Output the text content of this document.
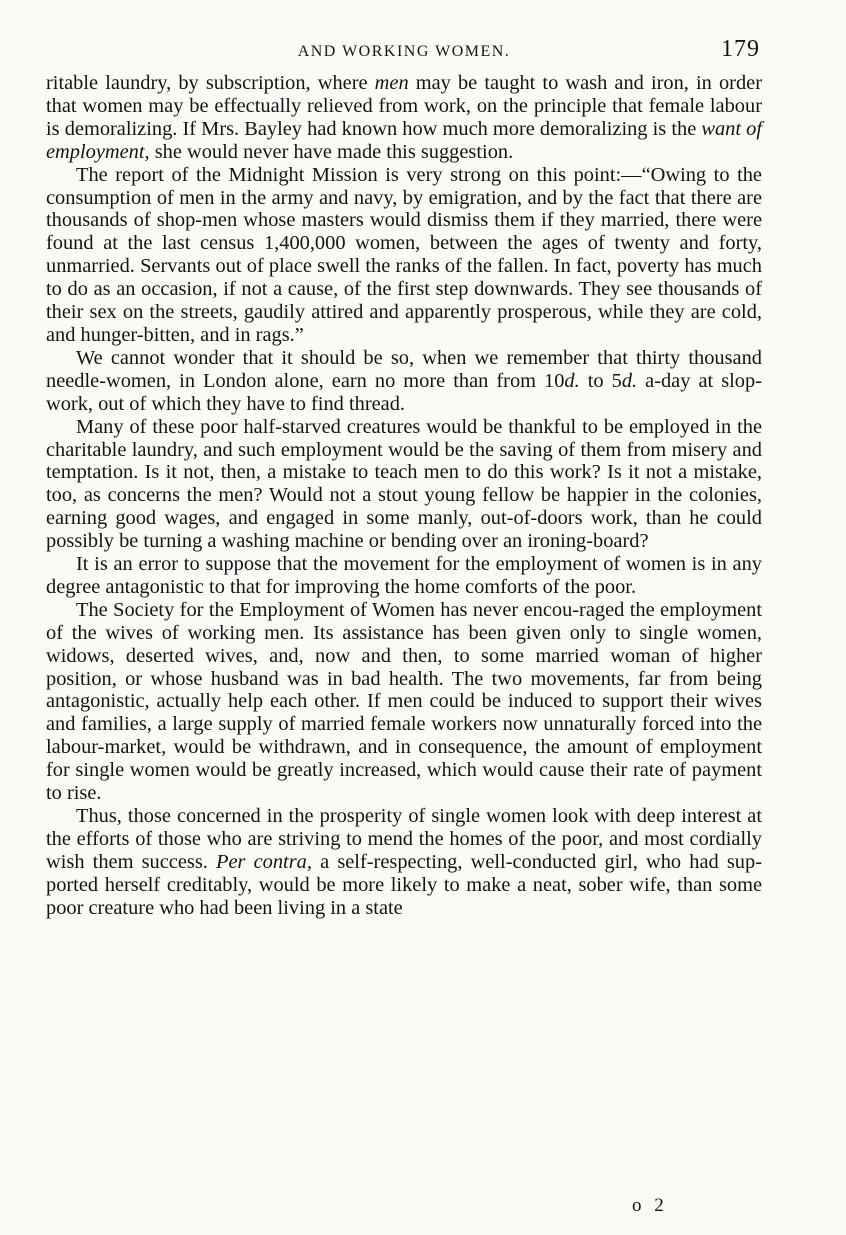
AND WORKING WOMEN.	179

ritable laundry, by subscription, where men may be taught to wash and iron, in order that women may be effectually relieved from work, on the principle that female labour is demoralizing. If Mrs. Bayley had known how much more demoralizing is the want of employment, she would never have made this suggestion.

The report of the Midnight Mission is very strong on this point:—“Owing to the consumption of men in the army and navy, by emigration, and by the fact that there are thousands of shop-men whose masters would dismiss them if they married, there were found at the last census 1,400,000 women, between the ages of twenty and forty, unmarried. Servants out of place swell the ranks of the fallen. In fact, poverty has much to do as an occasion, if not a cause, of the first step downwards. They see thousands of their sex on the streets, gaudily attired and apparently prosperous, while they are cold, and hunger-bitten, and in rags.”

We cannot wonder that it should be so, when we remember that thirty thousand needle-women, in London alone, earn no more than from 10d. to 5d. a-day at slop-work, out of which they have to find thread.

Many of these poor half-starved creatures would be thankful to be employed in the charitable laundry, and such employment would be the saving of them from misery and temptation. Is it not, then, a mistake to teach men to do this work? Is it not a mistake, too, as concerns the men? Would not a stout young fellow be happier in the colonies, earning good wages, and engaged in some manly, out-of-doors work, than he could possibly be turning a washing machine or bending over an ironing-board?

It is an error to suppose that the movement for the employment of women is in any degree antagonistic to that for improving the home comforts of the poor.

The Society for the Employment of Women has never encou-raged the employment of the wives of working men. Its assistance has been given only to single women, widows, deserted wives, and, now and then, to some married woman of higher position, or whose husband was in bad health. The two movements, far from being antagonistic, actually help each other. If men could be induced to support their wives and families, a large supply of married female workers now unnaturally forced into the labour-market, would be withdrawn, and in consequence, the amount of employment for single women would be greatly increased, which would cause their rate of payment to rise.

Thus, those concerned in the prosperity of single women look with deep interest at the efforts of those who are striving to mend the homes of the poor, and most cordially wish them success. Per contra, a self-respecting, well-conducted girl, who had sup-ported herself creditably, would be more likely to make a neat, sober wife, than some poor creature who had been living in a state

o 2
